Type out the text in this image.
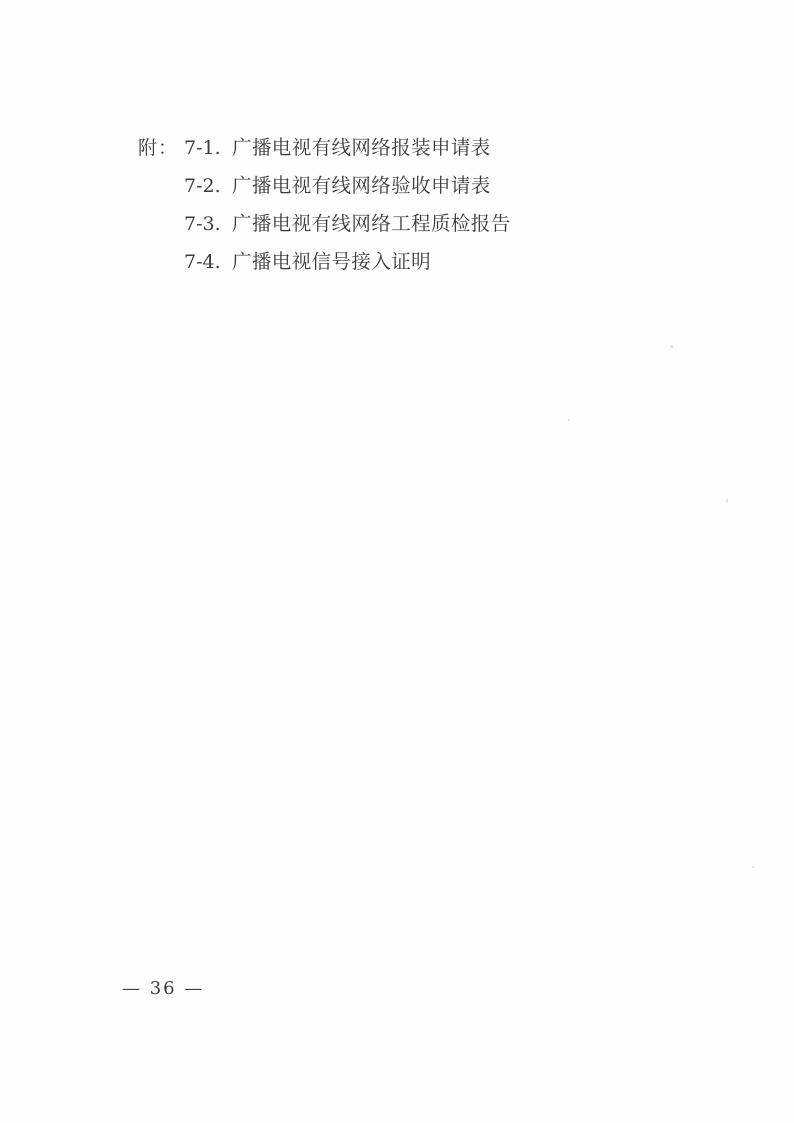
附： 7-1. 广播电视有线网络报装申请表
7-2. 广播电视有线网络验收申请表
7-3. 广播电视有线网络工程质检报告
7-4. 广播电视信号接入证明
— 36 —
